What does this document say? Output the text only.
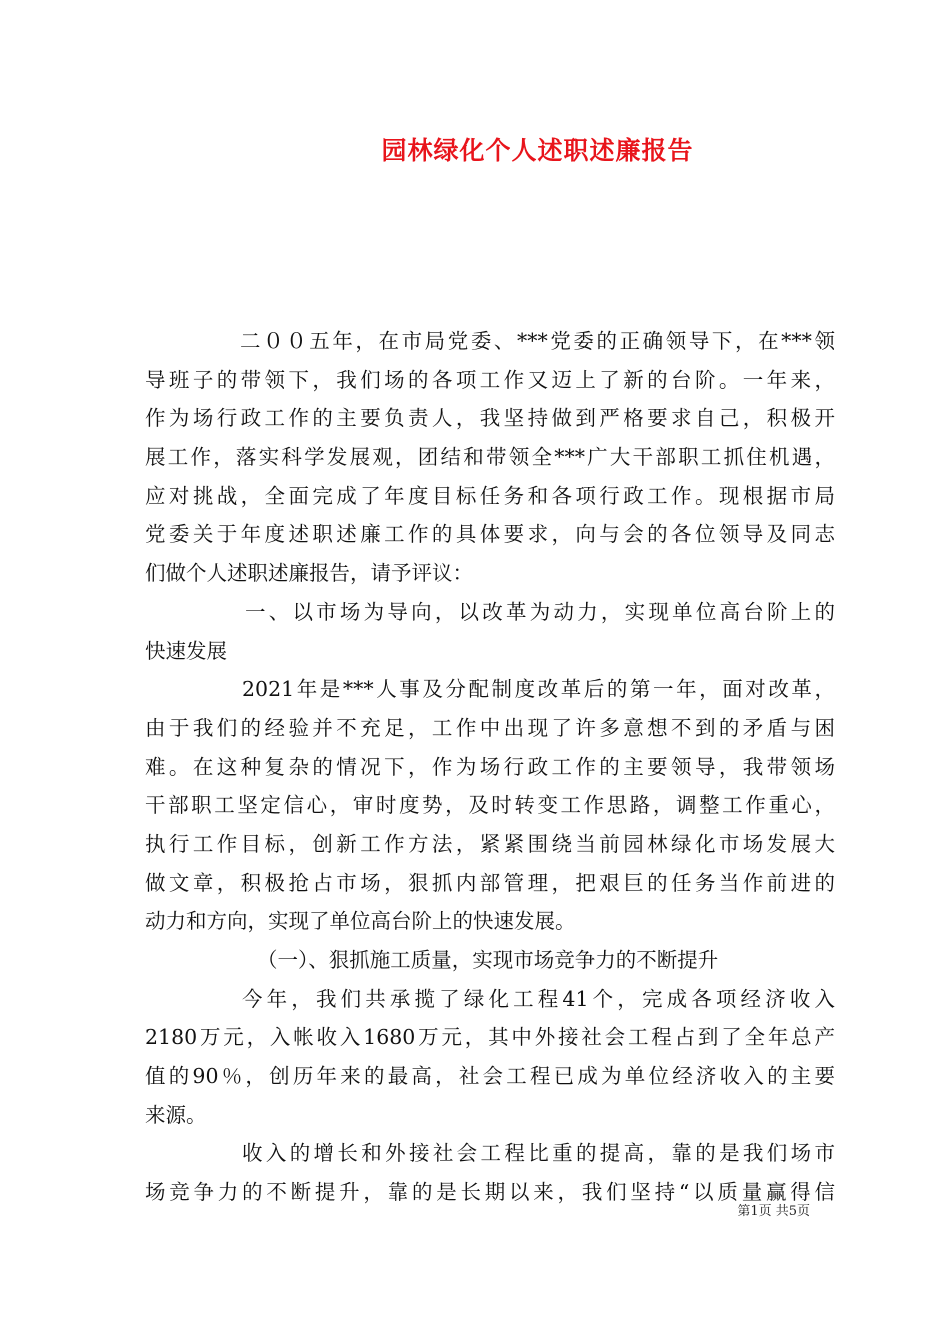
园林绿化个人述职述廉报告
二００五年，在市局党委、***党委的正确领导下，在***领
导班子的带领下，我们场的各项工作又迈上了新的台阶。一年来，
作为场行政工作的主要负责人，我坚持做到严格要求自己，积极开
展工作，落实科学发展观，团结和带领全***广大干部职工抓住机遇，
应对挑战，全面完成了年度目标任务和各项行政工作。现根据市局
党委关于年度述职述廉工作的具体要求，向与会的各位领导及同志
们做个人述职述廉报告，请予评议：
一、以市场为导向，以改革为动力，实现单位高台阶上的
快速发展
2021年是***人事及分配制度改革后的第一年，面对改革，
由于我们的经验并不充足，工作中出现了许多意想不到的矛盾与困
难。在这种复杂的情况下，作为场行政工作的主要领导，我带领场
干部职工坚定信心，审时度势，及时转变工作思路，调整工作重心，
执行工作目标，创新工作方法，紧紧围绕当前园林绿化市场发展大
做文章，积极抢占市场，狠抓内部管理，把艰巨的任务当作前进的
动力和方向，实现了单位高台阶上的快速发展。
（一）、狠抓施工质量，实现市场竞争力的不断提升
今年，我们共承揽了绿化工程41个，完成各项经济收入
2180万元，入帐收入1680万元，其中外接社会工程占到了全年总产
值的90％，创历年来的最高，社会工程已成为单位经济收入的主要
来源。
收入的增长和外接社会工程比重的提高，靠的是我们场市
场竞争力的不断提升，靠的是长期以来，我们坚持“以质量赢得信
第1页 共5页
